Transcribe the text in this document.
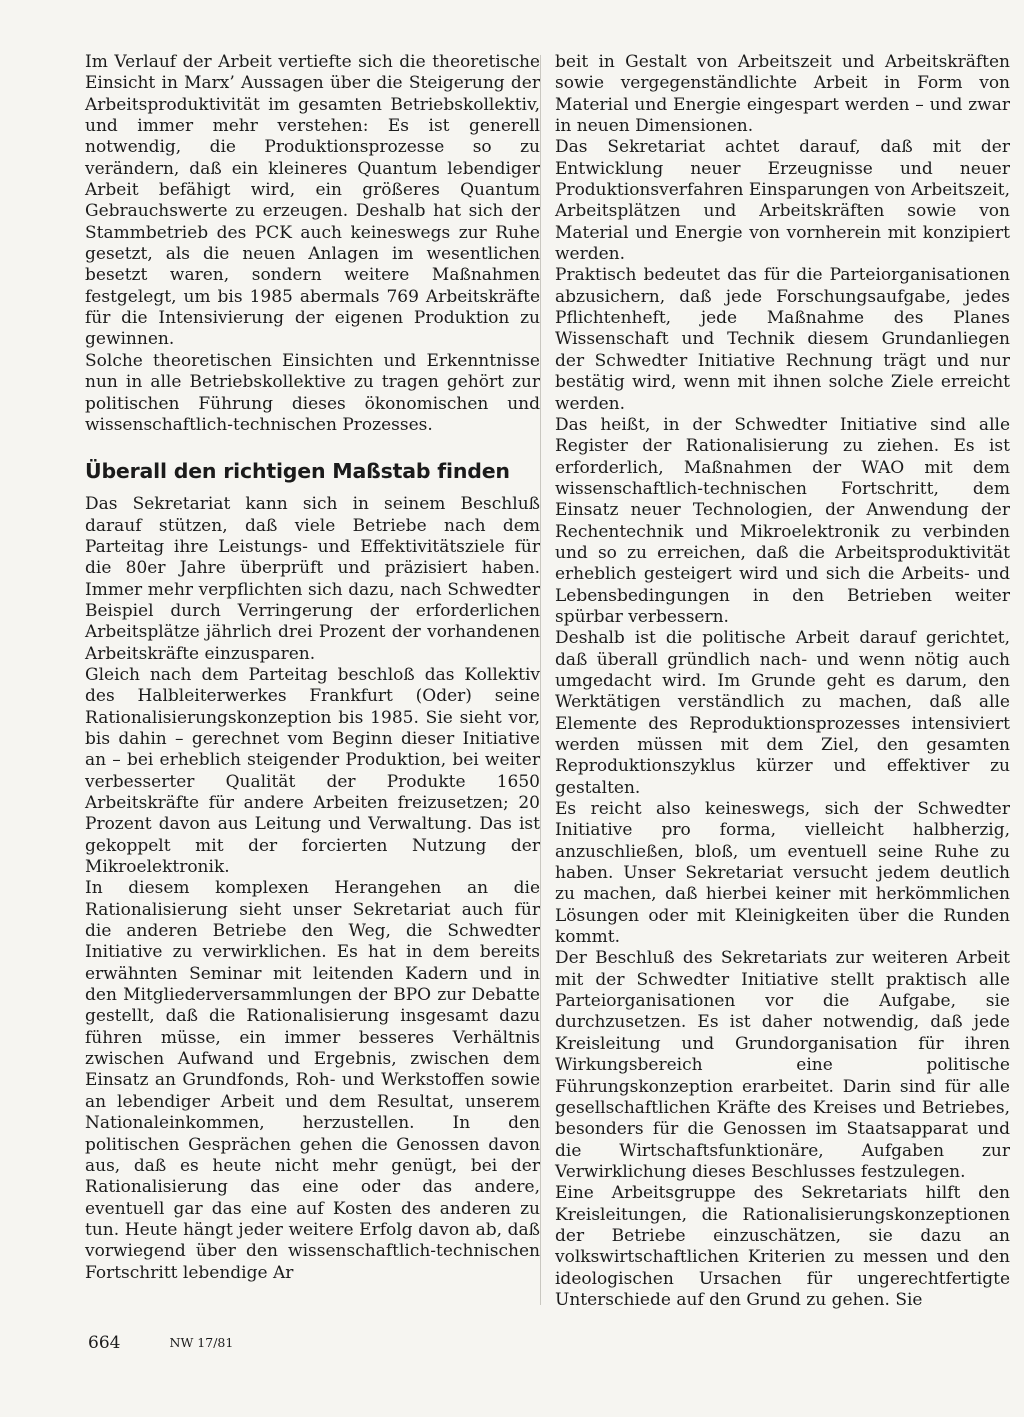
Im Verlauf der Arbeit vertiefte sich die theoretische Einsicht in Marx’ Aussagen über die Steigerung der Arbeitsproduktivität im gesamten Betriebskollektiv, und immer mehr verstehen: Es ist generell notwendig, die Produktionsprozesse so zu verändern, daß ein kleineres Quantum lebendiger Arbeit befähigt wird, ein größeres Quantum Gebrauchswerte zu erzeugen. Deshalb hat sich der Stammbetrieb des PCK auch keineswegs zur Ruhe gesetzt, als die neuen Anlagen im wesentlichen besetzt waren, sondern weitere Maßnahmen festgelegt, um bis 1985 abermals 769 Arbeitskräfte für die Intensivierung der eigenen Produktion zu gewinnen.

Solche theoretischen Einsichten und Erkenntnisse nun in alle Betriebskollektive zu tragen gehört zur politischen Führung dieses ökonomischen und wissenschaftlich-technischen Prozesses.

Überall den richtigen Maßstab finden

Das Sekretariat kann sich in seinem Beschluß darauf stützen, daß viele Betriebe nach dem Parteitag ihre Leistungs- und Effektivitätsziele für die 80er Jahre überprüft und präzisiert haben. Immer mehr verpflichten sich dazu, nach Schwedter Beispiel durch Verringerung der erforderlichen Arbeitsplätze jährlich drei Prozent der vorhandenen Arbeitskräfte einzusparen.

Gleich nach dem Parteitag beschloß das Kollektiv des Halbleiterwerkes Frankfurt (Oder) seine Rationalisierungskonzeption bis 1985. Sie sieht vor, bis dahin – gerechnet vom Beginn dieser Initiative an – bei erheblich steigender Produktion, bei weiter verbesserter Qualität der Produkte 1650 Arbeitskräfte für andere Arbeiten freizusetzen; 20 Prozent davon aus Leitung und Verwaltung. Das ist gekoppelt mit der forcierten Nutzung der Mikroelektronik.

In diesem komplexen Herangehen an die Rationalisierung sieht unser Sekretariat auch für die anderen Betriebe den Weg, die Schwedter Initiative zu verwirklichen. Es hat in dem bereits erwähnten Seminar mit leitenden Kadern und in den Mitgliederversammlungen der BPO zur Debatte gestellt, daß die Rationalisierung insgesamt dazu führen müsse, ein immer besseres Verhältnis zwischen Aufwand und Ergebnis, zwischen dem Einsatz an Grundfonds, Roh- und Werkstoffen sowie an lebendiger Arbeit und dem Resultat, unserem Nationaleinkommen, herzustellen. In den politischen Gesprächen gehen die Genossen davon aus, daß es heute nicht mehr genügt, bei der Rationalisierung das eine oder das andere, eventuell gar das eine auf Kosten des anderen zu tun. Heute hängt jeder weitere Erfolg davon ab, daß vorwiegend über den wissenschaftlich-technischen Fortschritt lebendige Ar

beit in Gestalt von Arbeitszeit und Arbeitskräften sowie vergegenständlichte Arbeit in Form von Material und Energie eingespart werden – und zwar in neuen Dimensionen.

Das Sekretariat achtet darauf, daß mit der Entwicklung neuer Erzeugnisse und neuer Produktionsverfahren Einsparungen von Arbeitszeit, Arbeitsplätzen und Arbeitskräften sowie von Material und Energie von vornherein mit konzipiert werden.

Praktisch bedeutet das für die Parteiorganisationen abzusichern, daß jede Forschungsaufgabe, jedes Pflichtenheft, jede Maßnahme des Planes Wissenschaft und Technik diesem Grundanliegen der Schwedter Initiative Rechnung trägt und nur bestätig wird, wenn mit ihnen solche Ziele erreicht werden.

Das heißt, in der Schwedter Initiative sind alle Register der Rationalisierung zu ziehen. Es ist erforderlich, Maßnahmen der WAO mit dem wissenschaftlich-technischen Fortschritt, dem Einsatz neuer Technologien, der Anwendung der Rechentechnik und Mikroelektronik zu verbinden und so zu erreichen, daß die Arbeitsproduktivität erheblich gesteigert wird und sich die Arbeits- und Lebensbedingungen in den Betrieben weiter spürbar verbessern.

Deshalb ist die politische Arbeit darauf gerichtet, daß überall gründlich nach- und wenn nötig auch umgedacht wird. Im Grunde geht es darum, den Werktätigen verständlich zu machen, daß alle Elemente des Reproduktionsprozesses intensiviert werden müssen mit dem Ziel, den gesamten Reproduktionszyklus kürzer und effektiver zu gestalten.

Es reicht also keineswegs, sich der Schwedter Initiative pro forma, vielleicht halbherzig, anzuschließen, bloß, um eventuell seine Ruhe zu haben. Unser Sekretariat versucht jedem deutlich zu machen, daß hierbei keiner mit herkömmlichen Lösungen oder mit Kleinigkeiten über die Runden kommt.

Der Beschluß des Sekretariats zur weiteren Arbeit mit der Schwedter Initiative stellt praktisch alle Parteiorganisationen vor die Aufgabe, sie durchzusetzen. Es ist daher notwendig, daß jede Kreisleitung und Grundorganisation für ihren Wirkungsbereich eine politische Führungskonzeption erarbeitet. Darin sind für alle gesellschaftlichen Kräfte des Kreises und Betriebes, besonders für die Genossen im Staatsapparat und die Wirtschaftsfunktionäre, Aufgaben zur Verwirklichung dieses Beschlusses festzulegen.

Eine Arbeitsgruppe des Sekretariats hilft den Kreisleitungen, die Rationalisierungskonzeptionen der Betriebe einzuschätzen, sie dazu an volkswirtschaftlichen Kriterien zu messen und den ideologischen Ursachen für ungerechtfertigte Unterschiede auf den Grund zu gehen. Sie

664	NW 17/81
